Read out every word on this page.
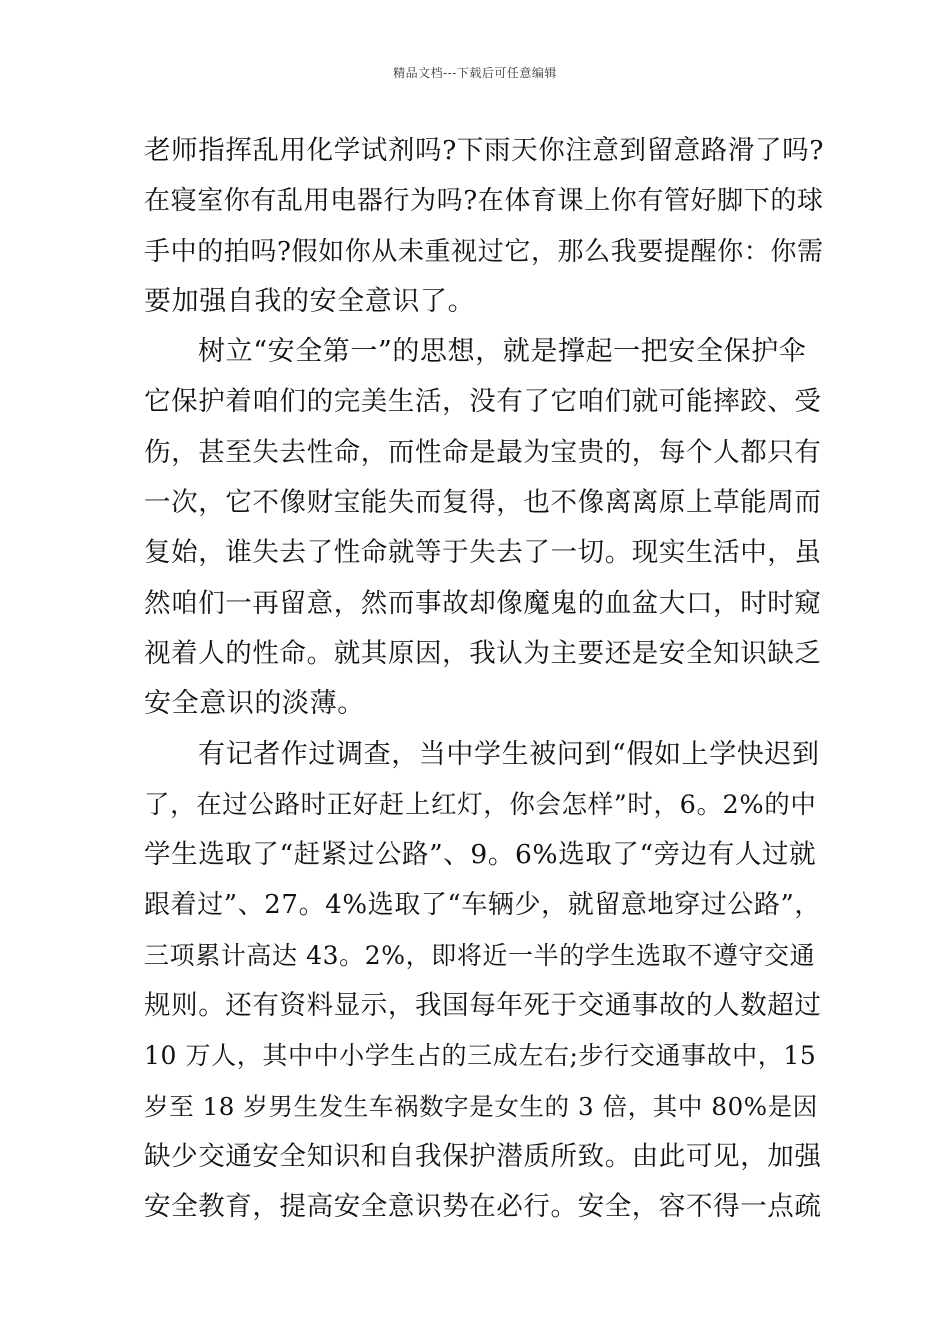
精品文档---下载后可任意编辑
老师指挥乱用化学试剂吗?下雨天你注意到留意路滑了吗?
在寝室你有乱用电器行为吗?在体育课上你有管好脚下的球
手中的拍吗?假如你从未重视过它，那么我要提醒你：你需
要加强自我的安全意识了。
树立“安全第一”的思想，就是撑起一把安全保护伞
它保护着咱们的完美生活，没有了它咱们就可能摔跤、受
伤，甚至失去性命，而性命是最为宝贵的，每个人都只有
一次，它不像财宝能失而复得，也不像离离原上草能周而
复始，谁失去了性命就等于失去了一切。现实生活中，虽
然咱们一再留意，然而事故却像魔鬼的血盆大口，时时窥
视着人的性命。就其原因，我认为主要还是安全知识缺乏
安全意识的淡薄。
有记者作过调查，当中学生被问到“假如上学快迟到
了，在过公路时正好赶上红灯，你会怎样”时，6。2%的中
学生选取了“赶紧过公路”、9。6%选取了“旁边有人过就
跟着过”、27。4%选取了“车辆少，就留意地穿过公路”，
三项累计高达 43。2%，即将近一半的学生选取不遵守交通
规则。还有资料显示，我国每年死于交通事故的人数超过
10 万人，其中中小学生占的三成左右;步行交通事故中，15
岁至 18 岁男生发生车祸数字是女生的 3 倍，其中 80%是因
缺少交通安全知识和自我保护潜质所致。由此可见，加强
安全教育，提高安全意识势在必行。安全，容不得一点疏
